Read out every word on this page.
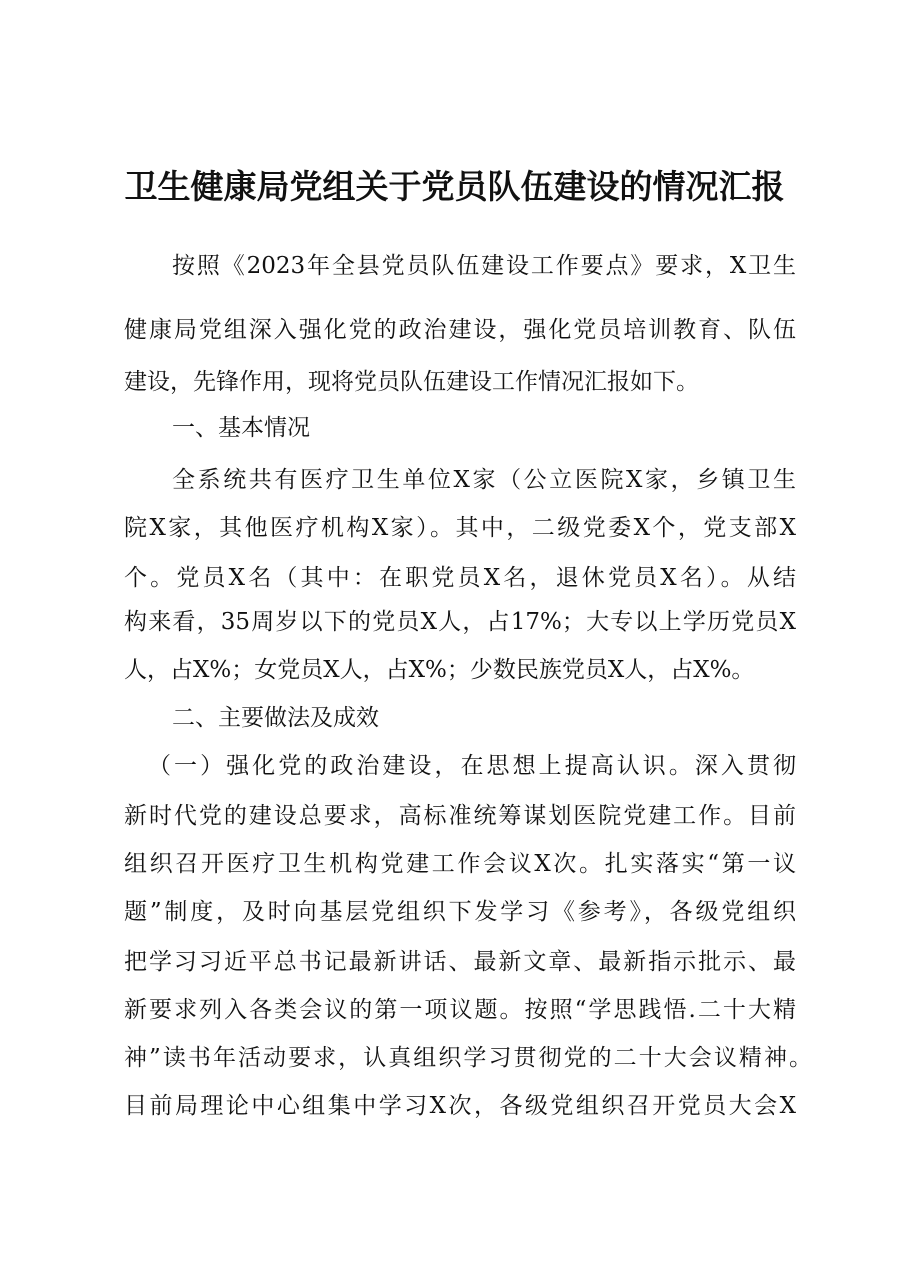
卫生健康局党组关于党员队伍建设的情况汇报
按照《2023年全县党员队伍建设工作要点》要求，X卫生
健康局党组深入强化党的政治建设，强化党员培训教育、队伍
建设，先锋作用，现将党员队伍建设工作情况汇报如下。
一、基本情况
全系统共有医疗卫生单位X家（公立医院X家，乡镇卫生
院X家，其他医疗机构X家）。其中，二级党委X个，党支部X
个。党员X名（其中：在职党员X名，退休党员X名）。从结
构来看，35周岁以下的党员X人，占17%；大专以上学历党员X
人，占X%；女党员X人，占X%；少数民族党员X人，占X%。
二、主要做法及成效
（一）强化党的政治建设，在思想上提高认识。深入贯彻
新时代党的建设总要求，高标准统筹谋划医院党建工作。目前
组织召开医疗卫生机构党建工作会议X次。扎实落实“第一议
题”制度，及时向基层党组织下发学习《参考》，各级党组织
把学习习近平总书记最新讲话、最新文章、最新指示批示、最
新要求列入各类会议的第一项议题。按照“学思践悟.二十大精
神”读书年活动要求，认真组织学习贯彻党的二十大会议精神。
目前局理论中心组集中学习X次，各级党组织召开党员大会X
